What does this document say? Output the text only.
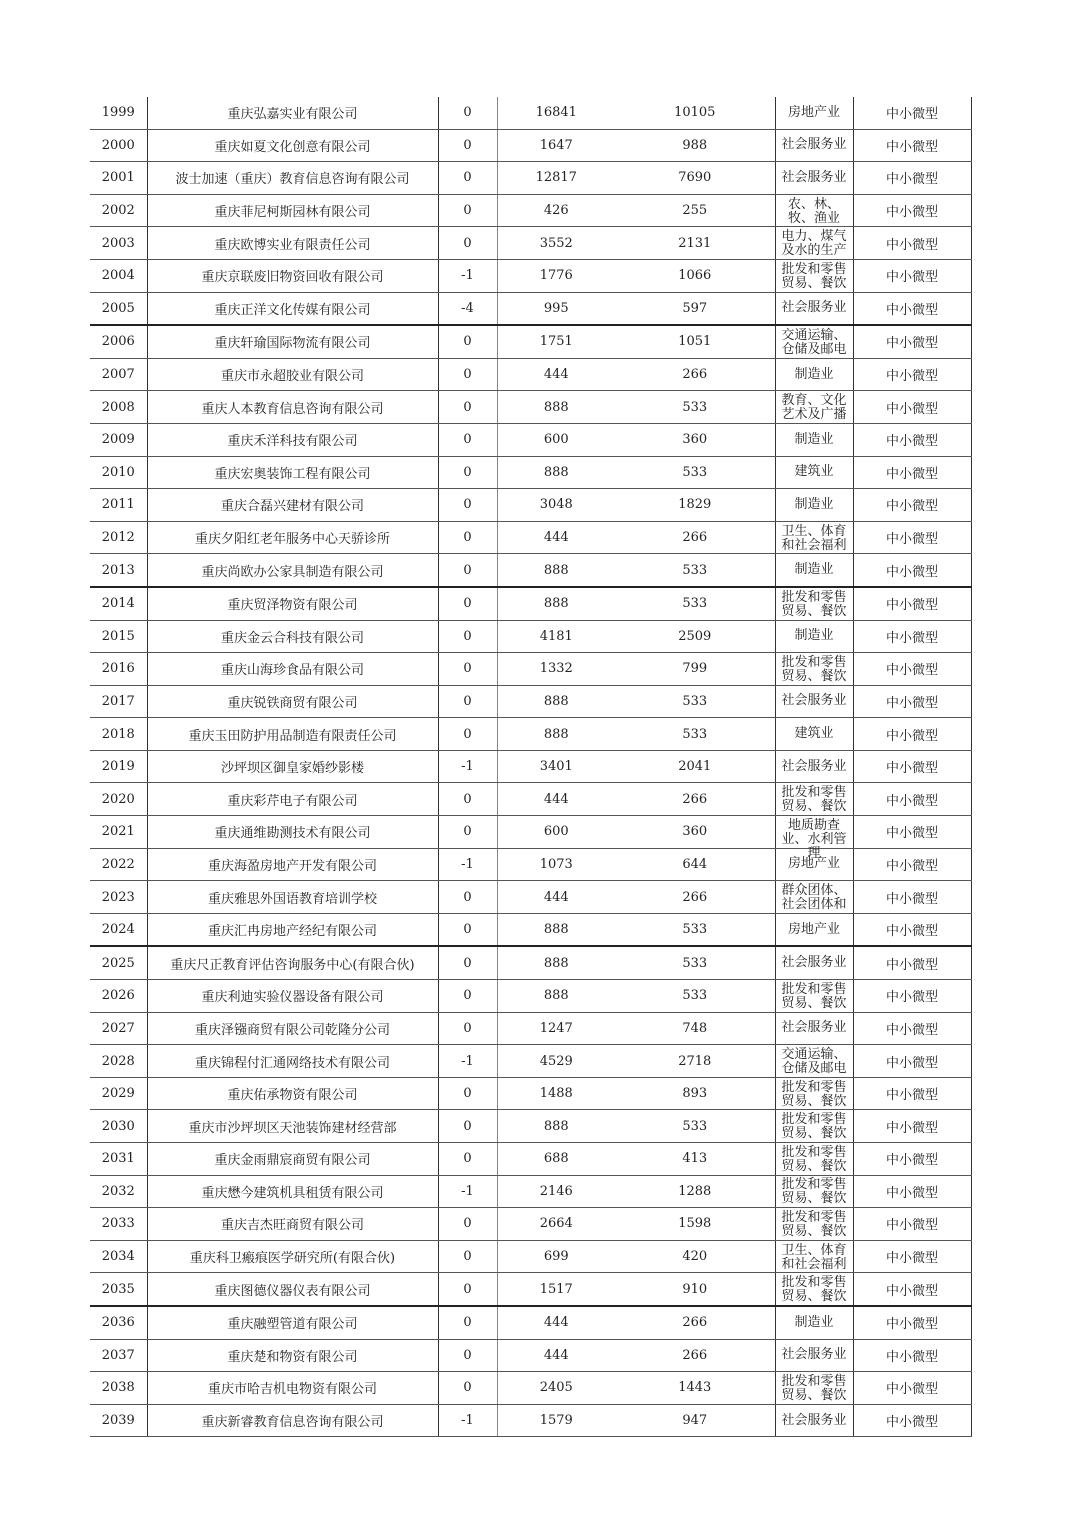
1999	重庆弘嘉实业有限公司	0	16841	10105	房地产业	中小微型
2000	重庆如夏文化创意有限公司	0	1647	988	社会服务业	中小微型
2001	波士加速（重庆）教育信息咨询有限公司	0	12817	7690	社会服务业	中小微型
2002	重庆菲尼柯斯园林有限公司	0	426	255	农、林、牧、渔业	中小微型
2003	重庆欧博实业有限责任公司	0	3552	2131	电力、煤气及水的生产	中小微型
2004	重庆京联废旧物资回收有限公司	-1	1776	1066	批发和零售贸易、餐饮	中小微型
2005	重庆正洋文化传媒有限公司	-4	995	597	社会服务业	中小微型
2006	重庆轩瑜国际物流有限公司	0	1751	1051	交通运输、仓储及邮电	中小微型
2007	重庆市永超胶业有限公司	0	444	266	制造业	中小微型
2008	重庆人本教育信息咨询有限公司	0	888	533	教育、文化艺术及广播	中小微型
2009	重庆禾洋科技有限公司	0	600	360	制造业	中小微型
2010	重庆宏奥装饰工程有限公司	0	888	533	建筑业	中小微型
2011	重庆合磊兴建材有限公司	0	3048	1829	制造业	中小微型
2012	重庆夕阳红老年服务中心天骄诊所	0	444	266	卫生、体育和社会福利	中小微型
2013	重庆尚欧办公家具制造有限公司	0	888	533	制造业	中小微型
2014	重庆贸泽物资有限公司	0	888	533	批发和零售贸易、餐饮	中小微型
2015	重庆金云合科技有限公司	0	4181	2509	制造业	中小微型
2016	重庆山海珍食品有限公司	0	1332	799	批发和零售贸易、餐饮	中小微型
2017	重庆锐铁商贸有限公司	0	888	533	社会服务业	中小微型
2018	重庆玉田防护用品制造有限责任公司	0	888	533	建筑业	中小微型
2019	沙坪坝区御皇家婚纱影楼	-1	3401	2041	社会服务业	中小微型
2020	重庆彩芹电子有限公司	0	444	266	批发和零售贸易、餐饮	中小微型
2021	重庆通维勘测技术有限公司	0	600	360	地质勘查业、水利管理	中小微型
2022	重庆海盈房地产开发有限公司	-1	1073	644	房地产业	中小微型
2023	重庆雅思外国语教育培训学校	0	444	266	群众团体、社会团体和	中小微型
2024	重庆汇冉房地产经纪有限公司	0	888	533	房地产业	中小微型
2025	重庆尺正教育评估咨询服务中心(有限合伙)	0	888	533	社会服务业	中小微型
2026	重庆利迪实验仪器设备有限公司	0	888	533	批发和零售贸易、餐饮	中小微型
2027	重庆泽镪商贸有限公司乾隆分公司	0	1247	748	社会服务业	中小微型
2028	重庆锦程付汇通网络技术有限公司	-1	4529	2718	交通运输、仓储及邮电	中小微型
2029	重庆佑承物资有限公司	0	1488	893	批发和零售贸易、餐饮	中小微型
2030	重庆市沙坪坝区天池装饰建材经营部	0	888	533	批发和零售贸易、餐饮	中小微型
2031	重庆金雨鼎宸商贸有限公司	0	688	413	批发和零售贸易、餐饮	中小微型
2032	重庆懋今建筑机具租赁有限公司	-1	2146	1288	批发和零售贸易、餐饮	中小微型
2033	重庆吉杰旺商贸有限公司	0	2664	1598	批发和零售贸易、餐饮	中小微型
2034	重庆科卫瘢痕医学研究所(有限合伙)	0	699	420	卫生、体育和社会福利	中小微型
2035	重庆图德仪器仪表有限公司	0	1517	910	批发和零售贸易、餐饮	中小微型
2036	重庆融塑管道有限公司	0	444	266	制造业	中小微型
2037	重庆楚和物资有限公司	0	444	266	社会服务业	中小微型
2038	重庆市哈吉机电物资有限公司	0	2405	1443	批发和零售贸易、餐饮	中小微型
2039	重庆新睿教育信息咨询有限公司	-1	1579	947	社会服务业	中小微型
